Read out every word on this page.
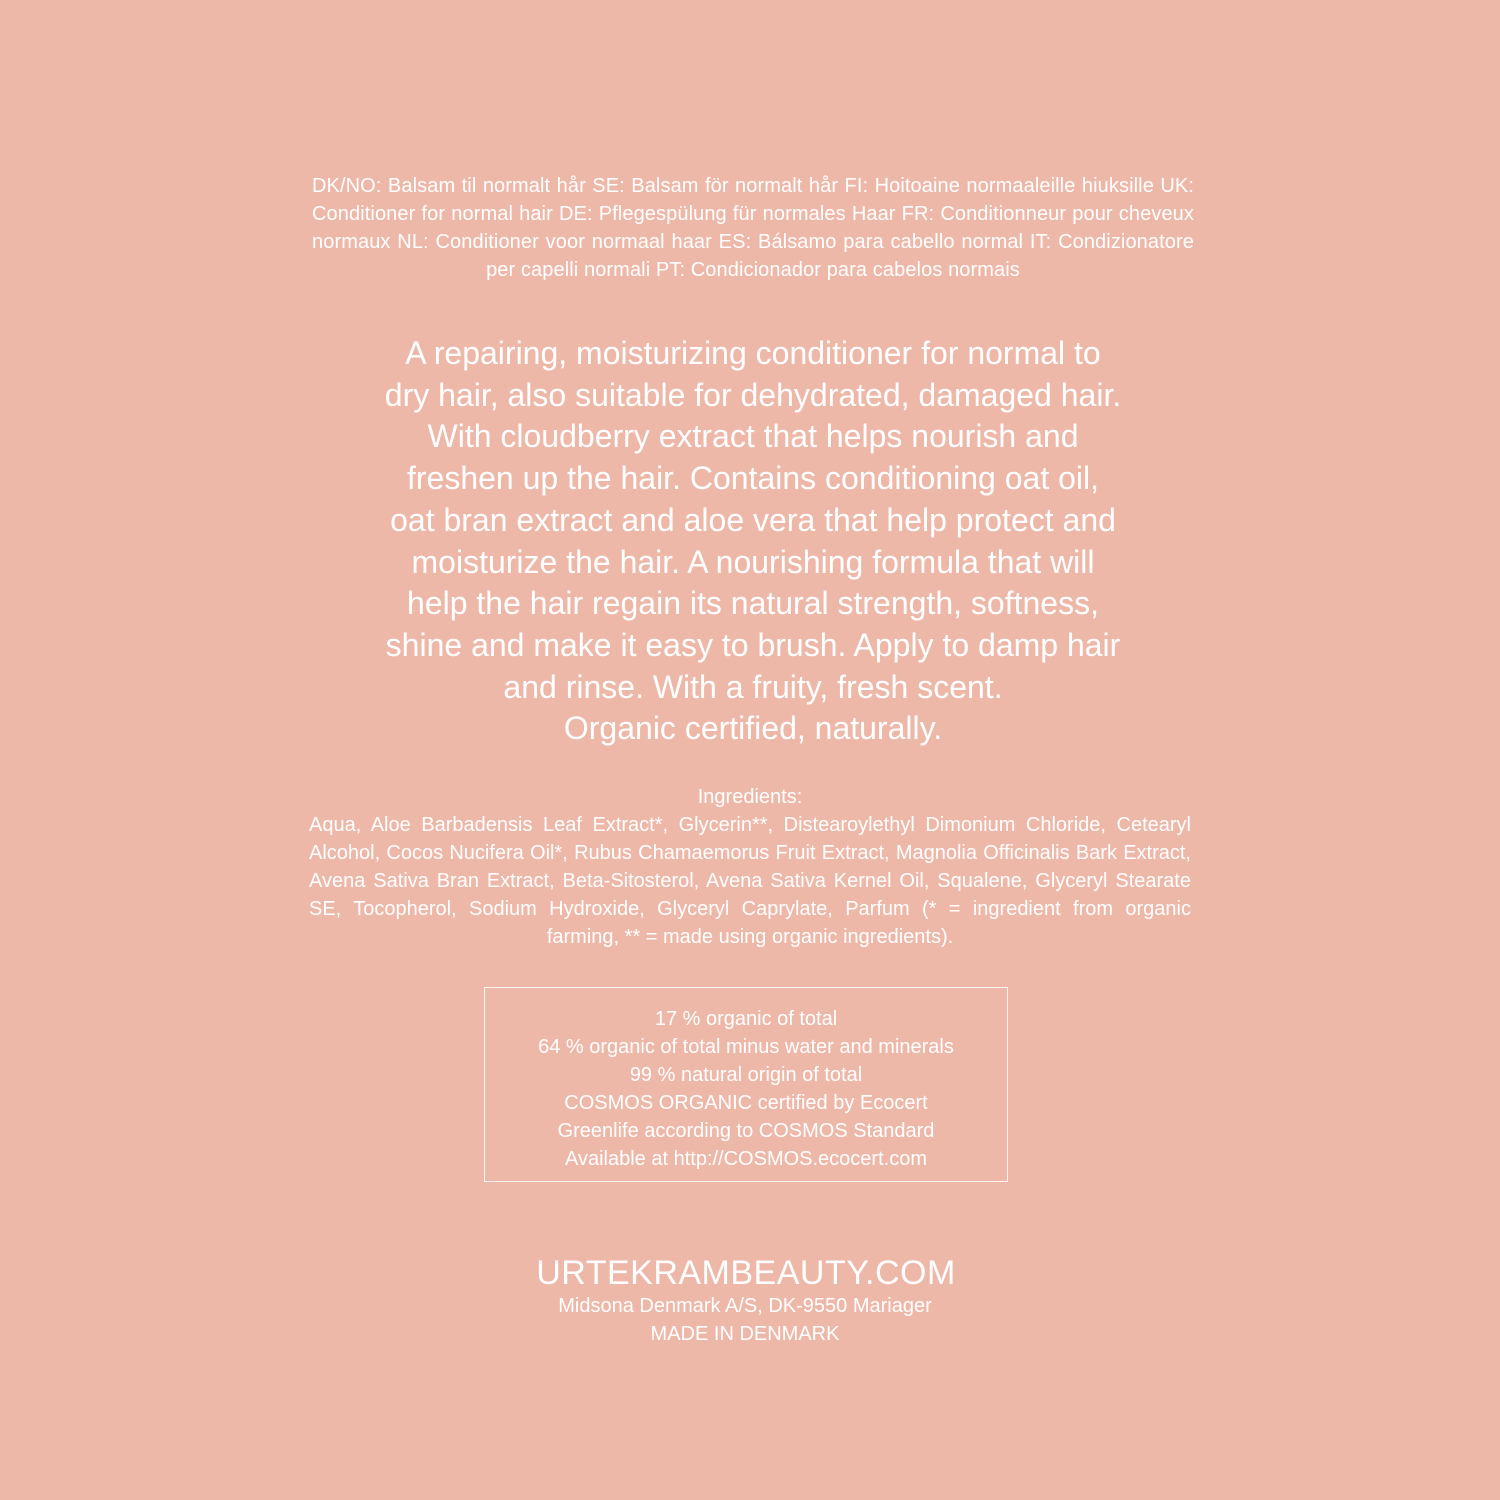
DK/NO: Balsam til normalt hår SE: Balsam för normalt hår FI: Hoitoaine normaaleille hiuksille UK: Conditioner for normal hair DE: Pflegespülung für normales Haar FR: Conditionneur pour cheveux normaux NL: Conditioner voor normaal haar ES: Bálsamo para cabello normal IT: Condizionatore per capelli normali PT: Condicionador para cabelos normais
A repairing, moisturizing conditioner for normal to
dry hair, also suitable for dehydrated, damaged hair.
With cloudberry extract that helps nourish and
freshen up the hair. Contains conditioning oat oil,
oat bran extract and aloe vera that help protect and
moisturize the hair. A nourishing formula that will
help the hair regain its natural strength, softness,
shine and make it easy to brush. Apply to damp hair
and rinse. With a fruity, fresh scent.
Organic certified, naturally.
Ingredients:
Aqua, Aloe Barbadensis Leaf Extract*, Glycerin**, Distearoylethyl Dimonium Chloride, Cetearyl Alcohol, Cocos Nucifera Oil*, Rubus Chamaemorus Fruit Extract, Magnolia Officinalis Bark Extract, Avena Sativa Bran Extract, Beta-Sitosterol, Avena Sativa Kernel Oil, Squalene, Glyceryl Stearate SE, Tocopherol, Sodium Hydroxide, Glyceryl Caprylate, Parfum (* = ingredient from organic farming, ** = made using organic ingredients).
17 % organic of total
64 % organic of total minus water and minerals
99 % natural origin of total
COSMOS ORGANIC certified by Ecocert
Greenlife according to COSMOS Standard
Available at http://COSMOS.ecocert.com
URTEKRAMBEAUTY.COM
Midsona Denmark A/S, DK-9550 Mariager
MADE IN DENMARK
